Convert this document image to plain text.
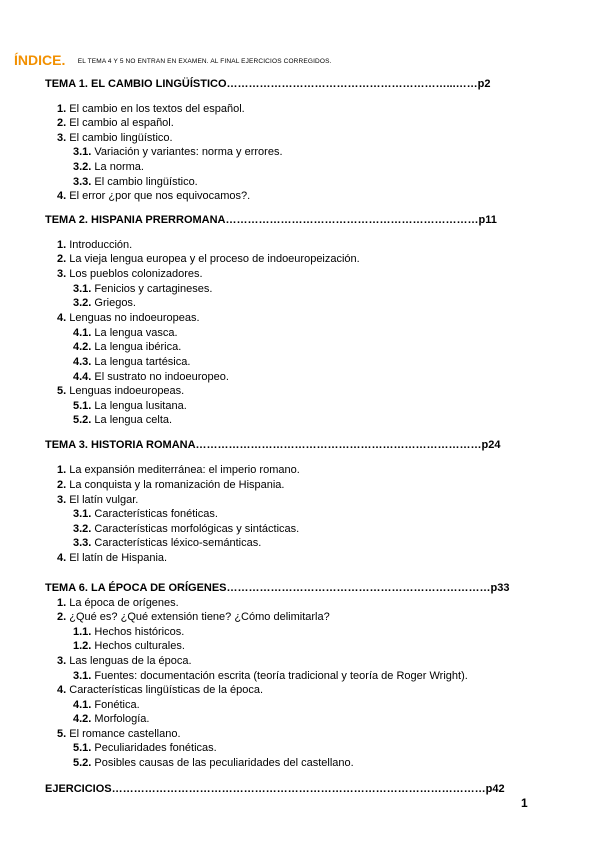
ÍNDICE. EL TEMA 4 Y 5 NO ENTRAN EN EXAMEN. AL FINAL EJERCICIOS CORREGIDOS.
TEMA 1. EL CAMBIO LINGÜÍSTICO……………………………………………………...……p2
1. El cambio en los textos del español.
2. El cambio al español.
3. El cambio lingüístico.
3.1. Variación y variantes: norma y errores.
3.2. La norma.
3.3. El cambio lingüístico.
4. El error ¿por que nos equivocamos?.
TEMA 2. HISPANIA PRERROMANA……………………………………………………………p11
1. Introducción.
2. La vieja lengua europea y el proceso de indoeuropeización.
3. Los pueblos colonizadores.
3.1. Fenicios y cartagineses.
3.2. Griegos.
4. Lenguas no indoeuropeas.
4.1. La lengua vasca.
4.2. La lengua ibérica.
4.3. La lengua tartésica.
4.4. El sustrato no indoeuropeo.
5. Lenguas indoeuropeas.
5.1. La lengua lusitana.
5.2. La lengua celta.
TEMA 3. HISTORIA ROMANA……………………………………………………………………p24
1. La expansión mediterránea: el imperio romano.
2. La conquista y la romanización de Hispania.
3. El latín vulgar.
3.1. Características fonéticas.
3.2. Características morfológicas y sintácticas.
3.3. Características léxico-semánticas.
4. El latín de Hispania.
TEMA 6. LA ÉPOCA DE ORÍGENES………………………………………………………………p33
1. La época de orígenes.
2. ¿Qué es? ¿Qué extensión tiene? ¿Cómo delimitarla?
1.1. Hechos históricos.
1.2. Hechos culturales.
3. Las lenguas de la época.
3.1. Fuentes: documentación escrita (teoría tradicional y teoría de Roger Wright).
4. Características lingüísticas de la época.
4.1. Fonética.
4.2. Morfología.
5. El romance castellano.
5.1. Peculiaridades fonéticas.
5.2. Posibles causas de las peculiaridades del castellano.
EJERCICIOS…………………………………………………………………………………………p42
1
